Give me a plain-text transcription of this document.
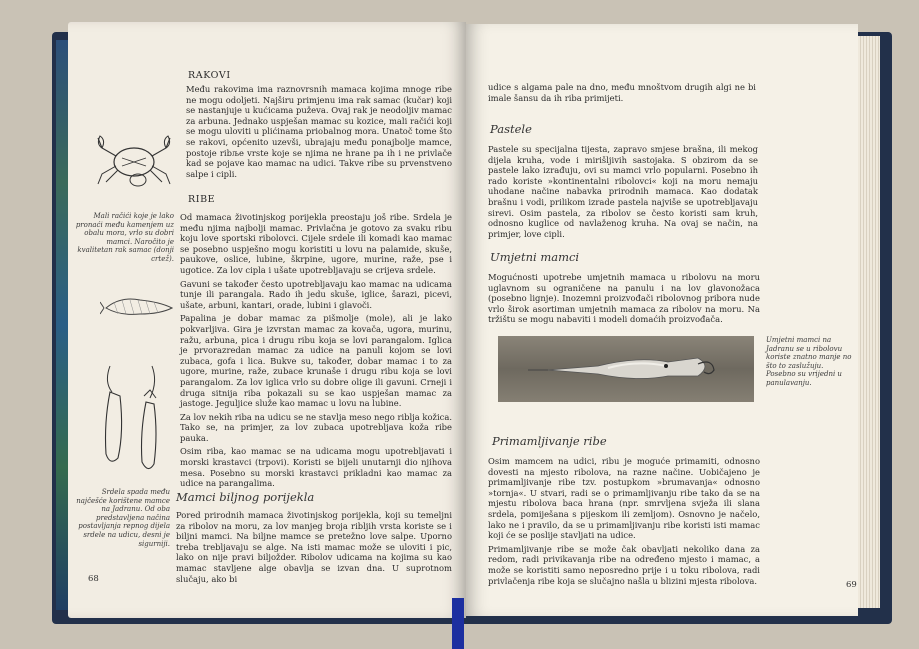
RAKOVI

Među rakovima ima raznovrsnih mamaca kojima mnoge ribe ne mogu odoljeti. Najširu primjenu ima rak samac (kučar) koji se nastanjuje u kućicama puževa. Ovaj rak je neodoljiv mamac za arbuna. Jednako uspješan mamac su kozice, mali račići koji se mogu uloviti u plićinama priobalnog mora. Unatoč tome što se rakovi, općenito uzevši, ubrajaju među ponajbolje mamce, postoje ribље vrste koje se njima ne hrane pa ih i ne privlače kad se pojave kao mamac na udici. Takve ribe su prvenstveno salpe i cipli.

RIBE

Od mamaca životinjskog porijekla preostaju još ribe. Srdela je među njima najbolji mamac. Privlačna je gotovo za svaku ribu koju love sportski ribolovci. Cijele srdele ili komadi kao mamac se posebno uspješno mogu koristiti u lovu na palamide, skuše, paukove, oslice, lubine, škrpine, ugore, murine, raže, pse i ugotice. Za lov cipla i ušate upotrebljavaju se crijeva srdele.

Gavuni se također često upotrebljavaju kao mamac na udicama tunje ili parangala. Rado ih jedu skuše, iglice, šarazi, picevi, ušate, arbuni, kantari, orade, lubini i glavoči.

Papalina je dobar mamac za pišmolje (mole), ali je lako pokvarljiva. Gira je izvrstan mamac za kovača, ugora, murinu, ražu, arbuna, pica i drugu ribu koja se lovi parangalom. Iglica je prvorazredan mamac za udice na panuli kojom se lovi zubaca, gofa i lica. Bukve su, također, dobar mamac i to za ugore, murine, raže, zubace krunaše i drugu ribu koja se lovi parangalom. Za lov iglica vrlo su dobre olige ili gavuni. Crneji i druga sitnija riba pokazali su se kao uspješan mamac za jastoge. Jeguljice služe kao mamac u lovu na lubine.

Za lov nekih riba na udicu se ne stavlja meso nego riblja kožica. Tako se, na primjer, za lov zubaca upotrebljava koža ribe pauka.

Osim riba, kao mamac se na udicama mogu upotrebljavati i morski krastavci (trpovi). Koristi se bijeli unutarnji dio njihova mesa. Posebno su morski krastavci prikladni kao mamac za udice na parangalima.

Mali račići koje je lako pronaći među kamenjem uz obalu mora, vrlo su dobri mamci. Naročito je kvalitetan rak samac (donji crtež).
Mamci biljnog porijekla

Pored prirodnih mamaca životinjskog porijekla, koji su temeljni za ribolov na moru, za lov manjeg broja ribljih vrsta koriste se i biljni mamci. Na biljne mamce se pretežno love salpe. Uporno treba trebljavaju se alge. Na isti mamac može se uloviti i pic, lako on nije pravi biljožder. Ribolov udicama na kojima su kao mamac stavljene alge obavlja se izvan dna. U suprotnom slučaju, ako bi

Srdela spada među najčešće korištene mamce na Jadranu. Od oba predstavljena načina postavljanja repnog dijela srdele na udicu, desni je sigurniji.
68

udice s algama pale na dno, među mnoštvom drugih algi ne bi imale šansu da ih riba primijeti.

Pastele

Pastele su specijalna tijesta, zapravo smjese brašna, ili mekog dijela kruha, vode i mirišljivih sastojaka. S obzirom da se pastele lako izrađuju, ovi su mamci vrlo popularni. Posebno ih rado koriste »kontinentalni ribolovci« koji na moru nemaju uhodane načine nabavka prirodnih mamaca. Kao dodatak brašnu i vodi, prilikom izrade pastela najviše se upotrebljavaju sirevi. Osim pastela, za ribolov se često koristi sam kruh, odnosno kuglice od navlaženog kruha. Na ovaj se način, na primjer, love cipli.

Umjetni mamci

Mogućnosti upotrebe umjetnih mamaca u ribolovu na moru uglavnom su ograničene na panulu i na lov glavonožaca (posebno lignje). Inozemni proizvođači ribolovnog pribora nude vrlo širok asortiman umjetnih mamaca za ribolov na moru. Na tržištu se mogu nabaviti i modeli domaćih proizvođača.

Umjetni mamci na Jadranu se u ribolovu koriste znatno manje no što to zaslužuju. Posebno su vrijedni u panulavanju.
Primamljivanje ribe

Osim mamcem na udici, ribu je moguće primamiti, odnosno dovesti na mjesto ribolova, na razne načine. Uobičajeno je primamljivanje ribe tzv. postupkom »brumavanja« odnosno »tornja«. U stvari, radi se o primamljivanju ribe tako da se na mjestu ribolova baca hrana (npr. smrvljena svježa ili slana srdela, pomiješana s pijeskom ili zemljom). Osnovno je načelo, lako ne i pravilo, da se u primamljivanju ribe koristi isti mamac koji će se poslije stavljati na udice.

Primamljivanje ribe se može čak obavljati nekoliko dana za redom, radi privikavanja ribe na određeno mjesto i mamac, a može se koristiti samo neposredno prije i u toku ribolova, radi privlačenja ribe koja se slučajno našla u blizini mjesta ribolova.	69
